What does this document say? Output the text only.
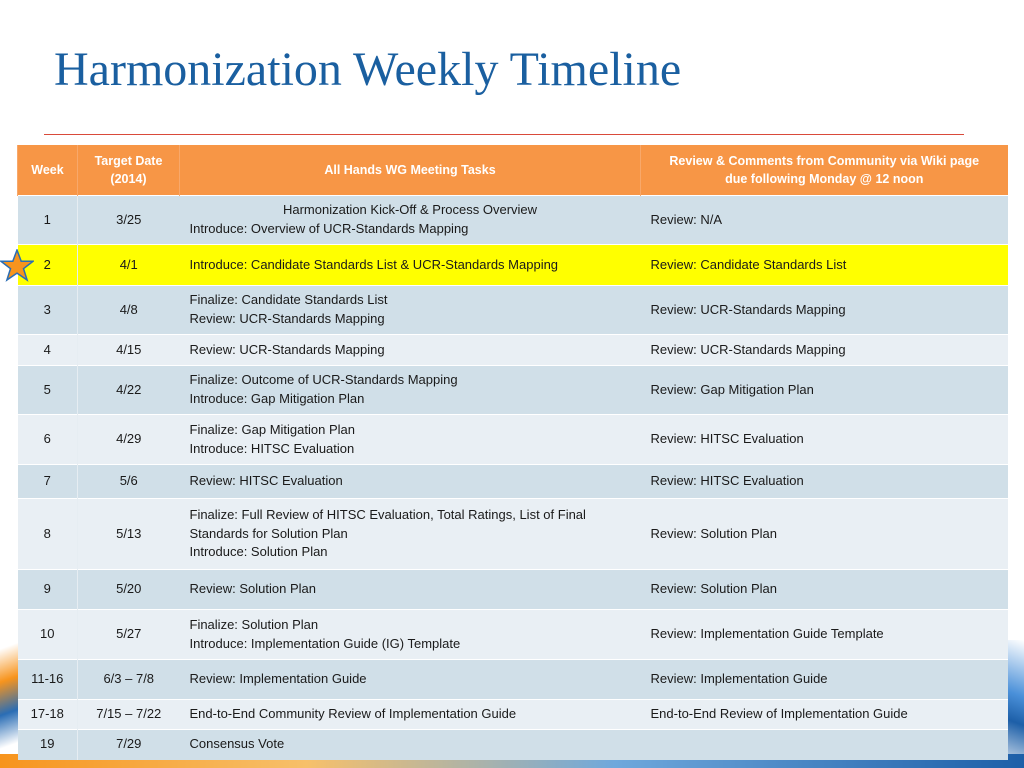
Harmonization Weekly Timeline
Week	Target Date
(2014)	All Hands WG Meeting Tasks	Review & Comments from Community via Wiki page
due following Monday @ 12 noon

1	3/25	Harmonization Kick-Off & Process Overview
Introduce: Overview of UCR-Standards Mapping	Review: N/A
2	4/1	Introduce: Candidate Standards List & UCR-Standards Mapping	Review: Candidate Standards List
3	4/8	Finalize: Candidate Standards List
Review: UCR-Standards Mapping	Review: UCR-Standards Mapping
4	4/15	Review: UCR-Standards Mapping	Review: UCR-Standards Mapping
5	4/22	Finalize: Outcome of UCR-Standards Mapping
Introduce: Gap Mitigation Plan	Review: Gap Mitigation Plan
6	4/29	Finalize: Gap Mitigation Plan
Introduce: HITSC Evaluation	Review: HITSC Evaluation
7	5/6	Review: HITSC Evaluation	Review: HITSC Evaluation
8	5/13	Finalize: Full Review of HITSC Evaluation, Total Ratings, List of Final
Standards for Solution Plan
Introduce: Solution Plan	Review: Solution Plan
9	5/20	Review: Solution Plan	Review: Solution Plan
10	5/27	Finalize: Solution Plan
Introduce: Implementation Guide (IG) Template	Review: Implementation Guide Template
11-16	6/3 – 7/8	Review: Implementation Guide	Review: Implementation Guide
17-18	7/15 – 7/22	End-to-End Community Review of Implementation Guide	End-to-End Review of Implementation Guide
19	7/29	Consensus Vote	
